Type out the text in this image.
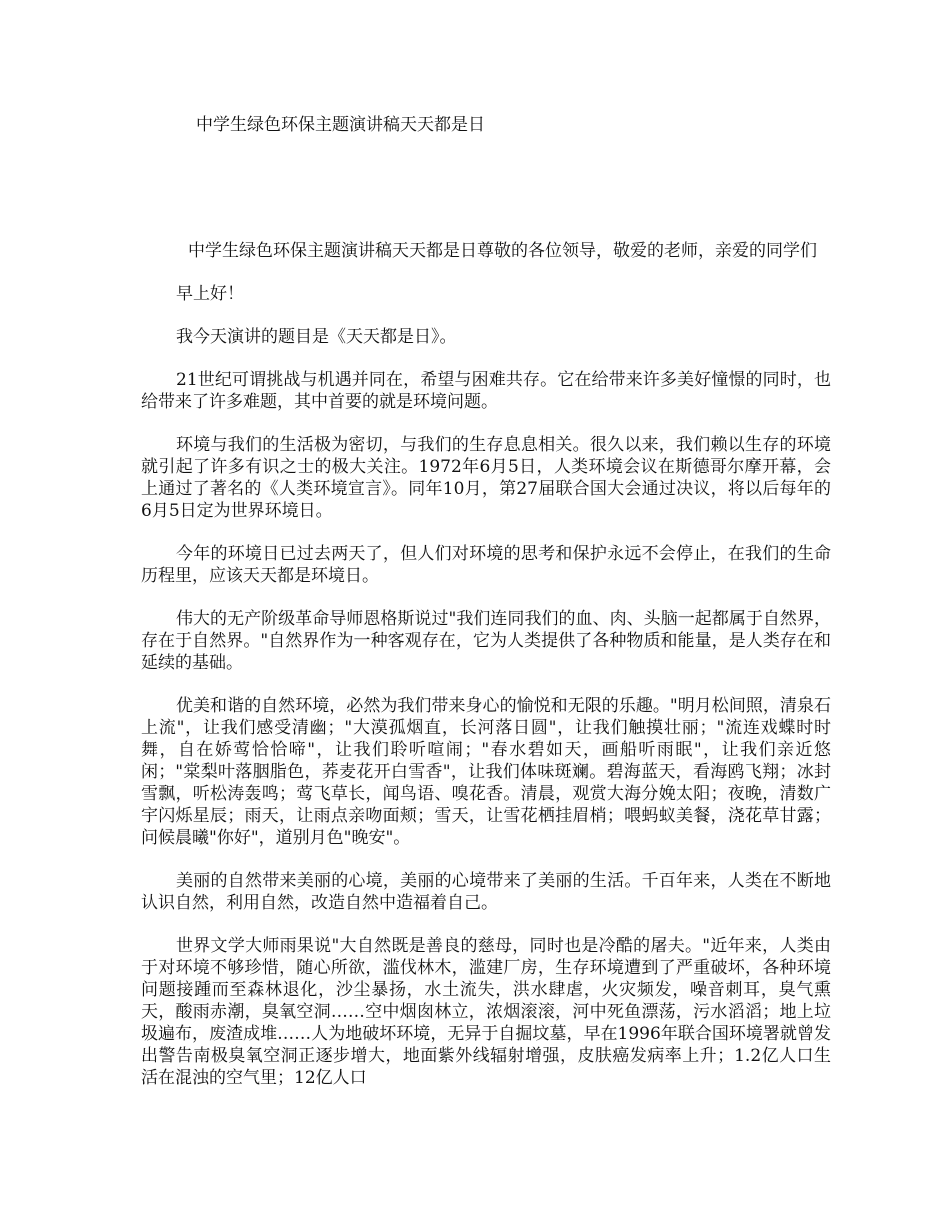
中学生绿色环保主题演讲稿天天都是日

中学生绿色环保主题演讲稿天天都是日尊敬的各位领导，敬爱的老师，亲爱的同学们

早上好！

我今天演讲的题目是《天天都是日》。

21世纪可谓挑战与机遇并同在，希望与困难共存。它在给带来许多美好憧憬的同时，也给带来了许多难题，其中首要的就是环境问题。

环境与我们的生活极为密切，与我们的生存息息相关。很久以来，我们赖以生存的环境就引起了许多有识之士的极大关注。1972年6月5日，人类环境会议在斯德哥尔摩开幕，会上通过了著名的《人类环境宣言》。同年10月，第27届联合国大会通过决议，将以后每年的6月5日定为世界环境日。

今年的环境日已过去两天了，但人们对环境的思考和保护永远不会停止，在我们的生命历程里，应该天天都是环境日。

伟大的无产阶级革命导师恩格斯说过"我们连同我们的血、肉、头脑一起都属于自然界，存在于自然界。"自然界作为一种客观存在，它为人类提供了各种物质和能量，是人类存在和延续的基础。

优美和谐的自然环境，必然为我们带来身心的愉悦和无限的乐趣。"明月松间照，清泉石上流"，让我们感受清幽；"大漠孤烟直，长河落日圆"，让我们触摸壮丽；"流连戏蝶时时舞，自在娇莺恰恰啼"，让我们聆听喧闹；"春水碧如天，画船听雨眠"，让我们亲近悠闲；"棠梨叶落胭脂色，荞麦花开白雪香"，让我们体味斑斓。碧海蓝天，看海鸥飞翔；冰封雪飘，听松涛轰鸣；莺飞草长，闻鸟语、嗅花香。清晨，观赏大海分娩太阳；夜晚，清数广宇闪烁星辰；雨天，让雨点亲吻面颊；雪天，让雪花栖挂眉梢；喂蚂蚁美餐，浇花草甘露；问候晨曦"你好"，道别月色"晚安"。

美丽的自然带来美丽的心境，美丽的心境带来了美丽的生活。千百年来，人类在不断地认识自然，利用自然，改造自然中造福着自己。

世界文学大师雨果说"大自然既是善良的慈母，同时也是冷酷的屠夫。"近年来，人类由于对环境不够珍惜，随心所欲，滥伐林木，滥建厂房，生存环境遭到了严重破坏，各种环境问题接踵而至森林退化，沙尘暴扬，水土流失，洪水肆虐，火灾频发，噪音刺耳，臭气熏天，酸雨赤潮，臭氧空洞……空中烟囱林立，浓烟滚滚，河中死鱼漂荡，污水滔滔；地上垃圾遍布，废渣成堆……人为地破坏环境，无异于自掘坟墓，早在1996年联合国环境署就曾发出警告南极臭氧空洞正逐步增大，地面紫外线辐射增强，皮肤癌发病率上升；1.2亿人口生活在混浊的空气里；12亿人口
